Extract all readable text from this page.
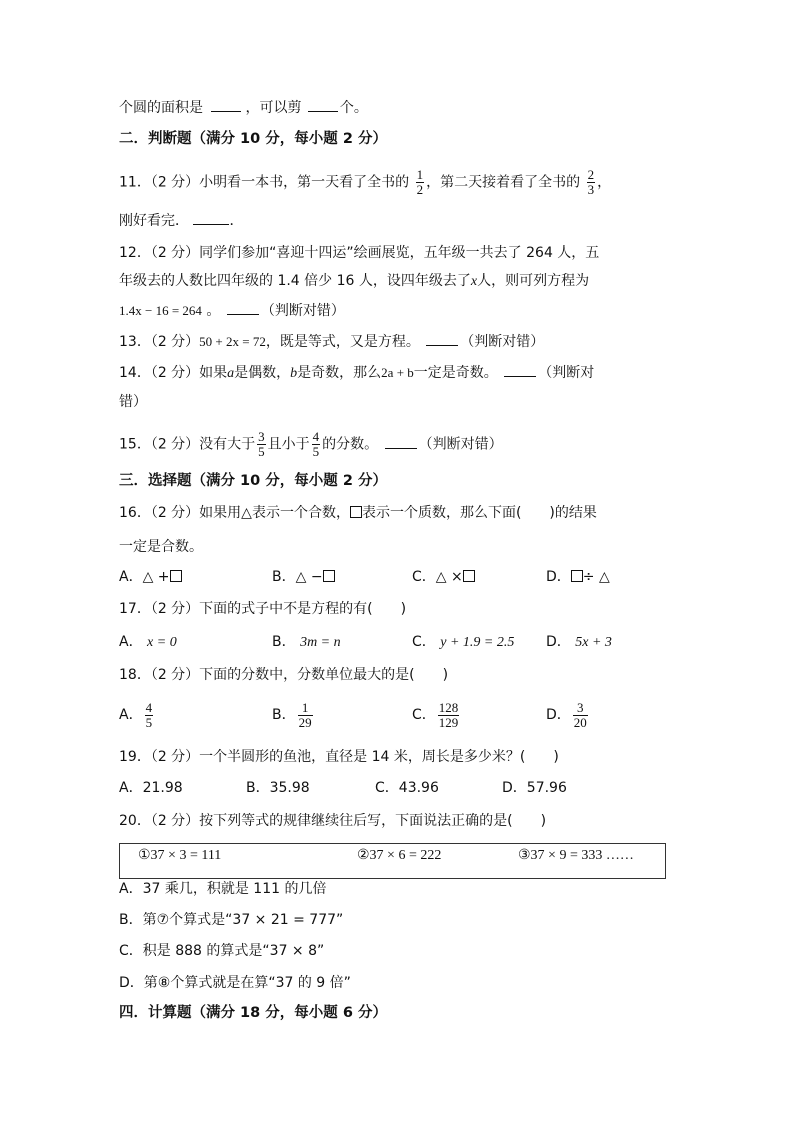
个圆的面积是	，可以剪	个。
二．判断题（满分 10 分，每小题 2 分）
11．（2 分）小明看一本书，第一天看了全书的 $\frac{1}{2}$ ，第二天接着看了全书的 $\frac{2}{3}$ ，
刚好看完．	．
12．（2 分）同学们参加“喜迎十四运”绘画展览，五年级一共去了 264 人，五
年级去的人数比四年级的 1.4 倍少 16 人，设四年级去了x人，则可列方程为
1.4x − 16 = 264 。	（判断对错）
13．（2 分）50 + 2x = 72，既是等式，又是方程。	（判断对错）
14．（2 分）如果a是偶数，b是奇数，那么2a + b一定是奇数。	（判断对
错）
15．（2 分）没有大于 $\frac{3}{5}$ 且小于 $\frac{4}{5}$ 的分数。	（判断对错）
三．选择题（满分 10 分，每小题 2 分）
16．（2 分）如果用△表示一个合数， 表示一个质数，那么下面(　　)的结果
一定是合数。
A．△ +	B．△ −	C．△ ×	D． ÷ △
17．（2 分）下面的式子中不是方程的有(　　)
A． x = 0	B． 3m = n	C． y + 1.9 = 2.5 D． 5x + 3
18．（2 分）下面的分数中，分数单位最大的是(　　)
A． $\frac{4}{5}$	B． $\frac{1}{29}$	C． $\frac{128}{129}$	D． $\frac{3}{20}$
19．（2 分）一个半圆形的鱼池，直径是 14 米，周长是多少米？(　　)
A．21.98	B．35.98	C．43.96	D．57.96
20．（2 分）按下列等式的规律继续往后写，下面说法正确的是(　　)
①37 × 3 = 111	②37 × 6 = 222	③37 × 9 = 333 ……
A．37 乘几，积就是 111 的几倍
B．第⑦个算式是“37 × 21 = 777”
C．积是 888 的算式是“37 × 8”
D．第⑧个算式就是在算“37 的 9 倍”
四．计算题（满分 18 分，每小题 6 分）
